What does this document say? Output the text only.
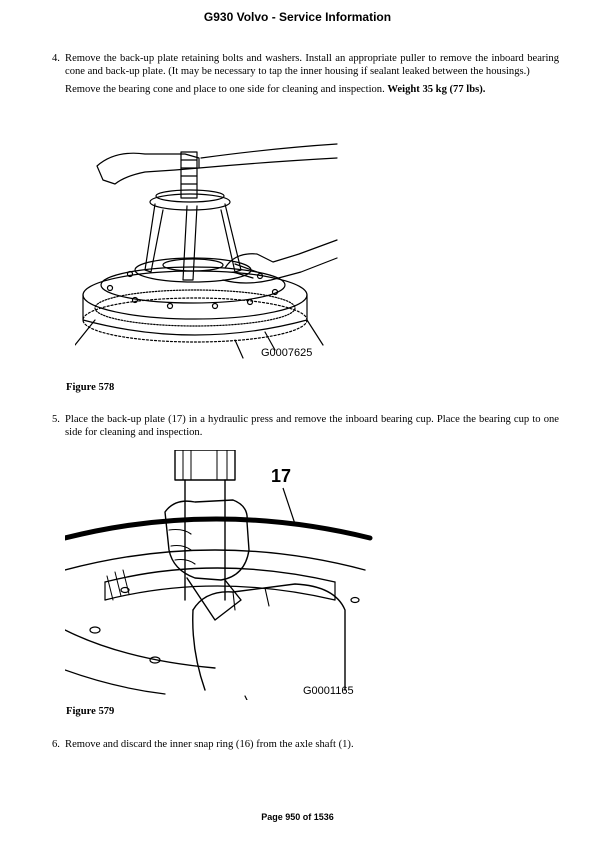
G930 Volvo - Service Information
4. Remove the back-up plate retaining bolts and washers. Install an appropriate puller to remove the inboard bearing cone and back-up plate. (It may be necessary to tap the inner housing if sealant leaked between the housings.)

Remove the bearing cone and place to one side for cleaning and inspection. Weight 35 kg (77 lbs).

G0007625
Figure 578
5. Place the back-up plate (17) in a hydraulic press and remove the inboard bearing cup. Place the bearing cup to one side for cleaning and inspection.

17
G0001165
Figure 579
6. Remove and discard the inner snap ring (16) from the axle shaft (1).

Page 950 of 1536
